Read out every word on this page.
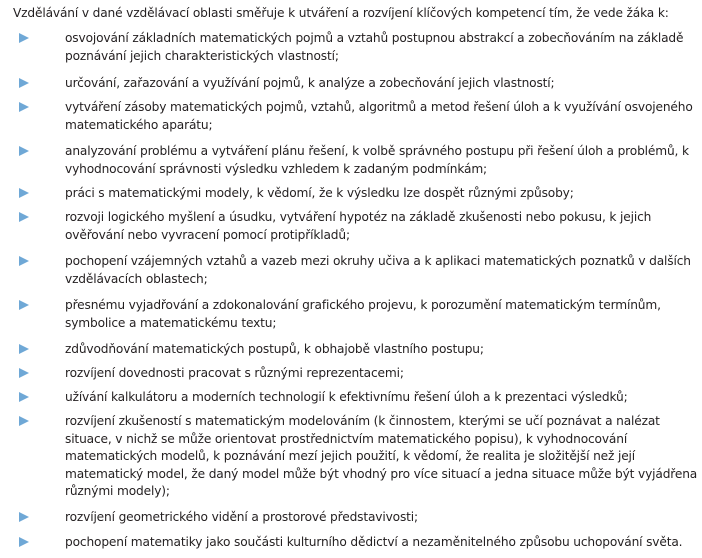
Vzdělávání v dané vzdělávací oblasti směřuje k utváření a rozvíjení klíčových kompetencí tím, že vede žáka k:

osvojování základních matematických pojmů a vztahů postupnou abstrakcí a zobecňováním na základě poznávání jejich charakteristických vlastností;

určování, zařazování a využívání pojmů, k analýze a zobecňování jejich vlastností;

vytváření zásoby matematických pojmů, vztahů, algoritmů a metod řešení úloh a k využívání osvojeného matematického aparátu;

analyzování problému a vytváření plánu řešení, k volbě správného postupu při řešení úloh a problémů, k vyhodnocování správnosti výsledku vzhledem k zadaným podmínkám;

práci s matematickými modely, k vědomí, že k výsledku lze dospět různými způsoby;

rozvoji logického myšlení a úsudku, vytváření hypotéz na základě zkušenosti nebo pokusu, k jejich ověřování nebo vyvracení pomocí protipříkladů;

pochopení vzájemných vztahů a vazeb mezi okruhy učiva a k aplikaci matematických poznatků v dalších vzdělávacích oblastech;

přesnému vyjadřování a zdokonalování grafického projevu, k porozumění matematickým termínům, symbolice a matematickému textu;

zdůvodňování matematických postupů, k obhajobě vlastního postupu;

rozvíjení dovednosti pracovat s různými reprezentacemi;

užívání kalkulátoru a moderních technologií k efektivnímu řešení úloh a k prezentaci výsledků;

rozvíjení zkušeností s matematickým modelováním (k činnostem, kterými se učí poznávat a nalézat situace, v nichž se může orientovat prostřednictvím matematického popisu), k vyhodnocování matematických modelů, k poznávání mezí jejich použití, k vědomí, že realita je složitější než její matematický model, že daný model může být vhodný pro více situací a jedna situace může být vyjádřena různými modely);

rozvíjení geometrického vidění a prostorové představivosti;

pochopení matematiky jako součásti kulturního dědictví a nezaměnitelného způsobu uchopování světa.
